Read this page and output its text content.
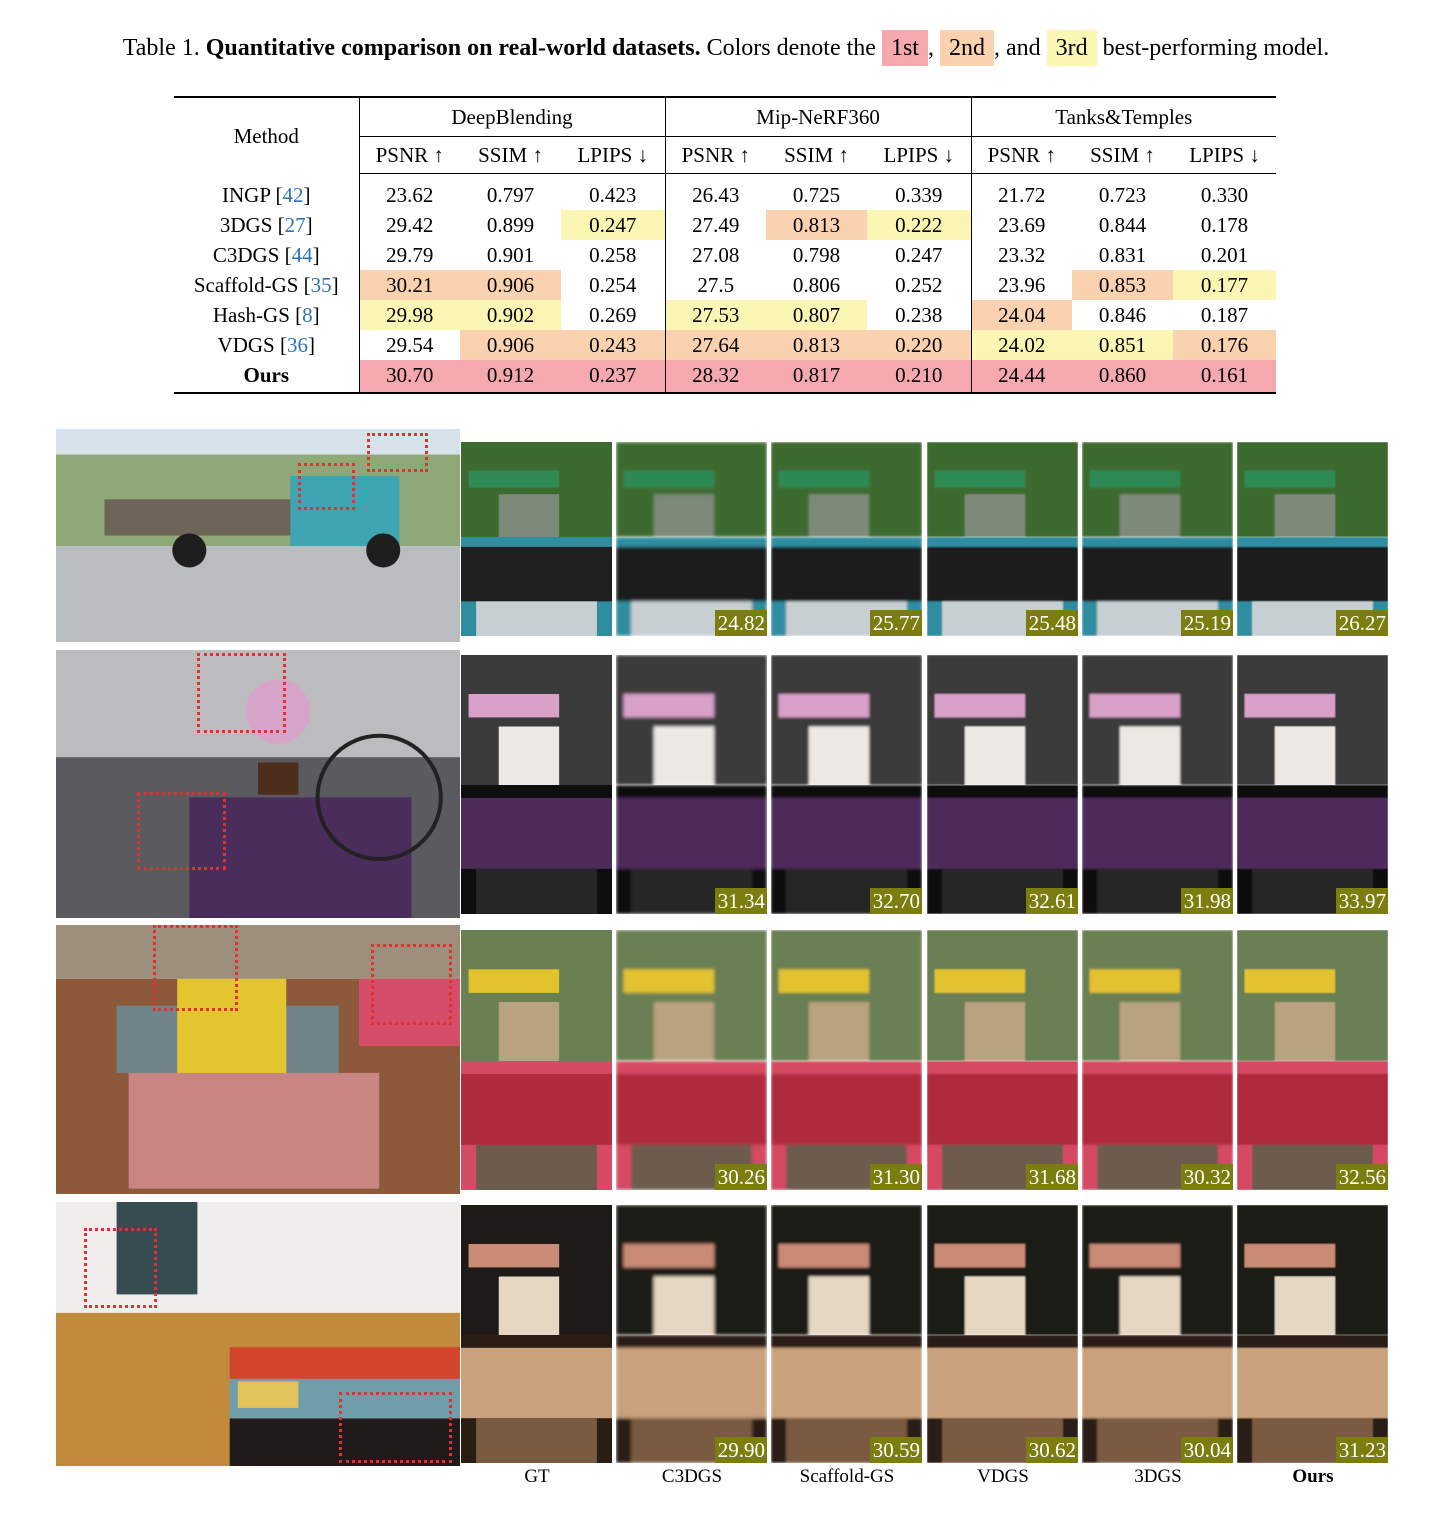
Table 1. Quantitative comparison on real-world datasets. Colors denote the 1st , 2nd , and 3rd best-performing model.
Method	DeepBlending			Mip-NeRF360			Tanks&Temples		
	PSNR ↑	SSIM ↑	LPIPS ↓	PSNR ↑	SSIM ↑	LPIPS ↓	PSNR ↑	SSIM ↑	LPIPS ↓
INGP [42]	23.62	0.797	0.423	26.43	0.725	0.339	21.72	0.723	0.330
3DGS [27]	29.42	0.899	0.247	27.49	0.813	0.222	23.69	0.844	0.178
C3DGS [44]	29.79	0.901	0.258	27.08	0.798	0.247	23.32	0.831	0.201
Scaffold-GS [35]	30.21	0.906	0.254	27.5	0.806	0.252	23.96	0.853	0.177
Hash-GS [8]	29.98	0.902	0.269	27.53	0.807	0.238	24.04	0.846	0.187
VDGS [36]	29.54	0.906	0.243	27.64	0.813	0.220	24.02	0.851	0.176
Ours	30.70	0.912	0.237	28.32	0.817	0.210	24.44	0.860	0.161
24.82	25.77	25.48	25.19	26.27
31.34	32.70	32.61	31.98	33.97
30.26	31.30	31.68	30.32	32.56
29.90	30.59	30.62	30.04	31.23
GT	C3DGS	Scaffold-GS	VDGS	3DGS	Ours
